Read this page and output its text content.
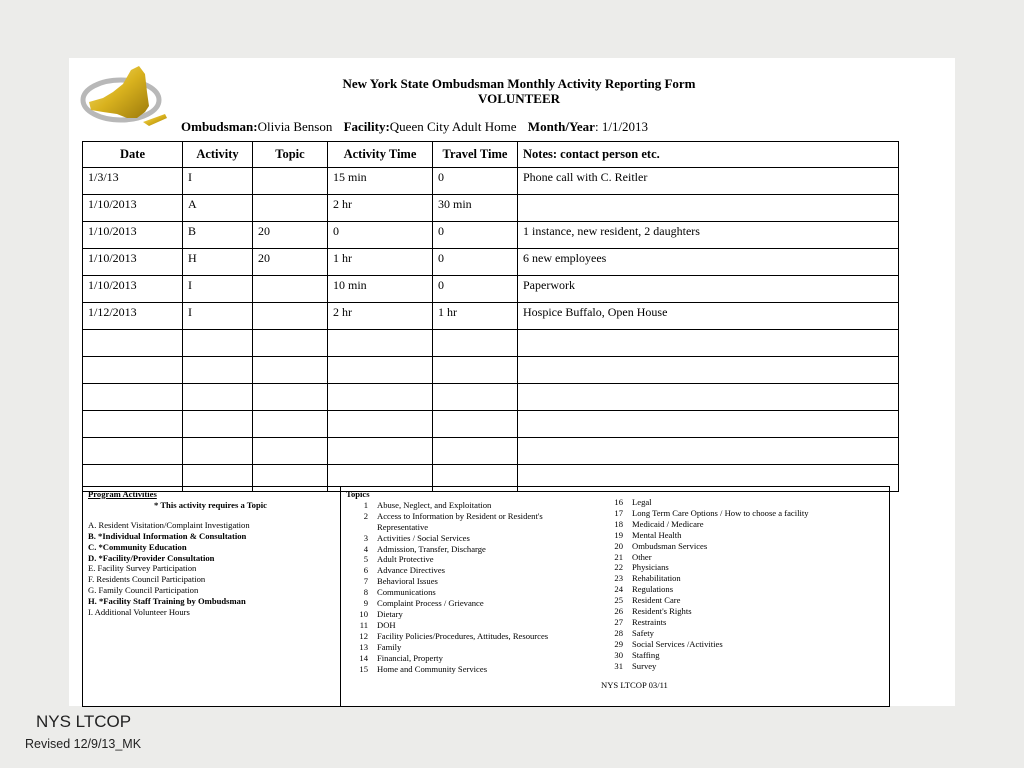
New York State Ombudsman Monthly Activity Reporting Form
VOLUNTEER
Ombudsman:Olivia Benson Facility:Queen City Adult Home Month/Year: 1/1/2013
Date	Activity	Topic	Activity Time	Travel Time	Notes: contact person etc.
1/3/13	I		15 min	0	Phone call with C. Reitler
1/10/2013	A		2 hr	30 min	
1/10/2013	B	20	0	0	1 instance, new resident, 2 daughters
1/10/2013	H	20	1 hr	0	6 new employees
1/10/2013	I		10 min	0	Paperwork
1/12/2013	I		2 hr	1 hr	Hospice Buffalo, Open House

Program Activities
* This activity requires a Topic
A. Resident Visitation/Complaint Investigation
B. *Individual Information & Consultation
C. *Community Education
D. *Facility/Provider Consultation
E. Facility Survey Participation
F. Residents Council Participation
G. Family Council Participation
H. *Facility Staff Training by Ombudsman
I. Additional Volunteer Hours
Topics
1	Abuse, Neglect, and Exploitation
2	Access to Information by Resident or Resident's Representative
3	Activities / Social Services
4	Admission, Transfer, Discharge
5	Adult Protective
6	Advance Directives
7	Behavioral Issues
8	Communications
9	Complaint Process / Grievance
10	Dietary
11	DOH
12	Facility Policies/Procedures, Attitudes, Resources
13	Family
14	Financial, Property
15	Home and Community Services
16	Legal
17	Long Term Care Options / How to choose a facility
18	Medicaid / Medicare
19	Mental Health
20	Ombudsman Services
21	Other
22	Physicians
23	Rehabilitation
24	Regulations
25	Resident Care
26	Resident's Rights
27	Restraints
28	Safety
29	Social Services /Activities
30	Staffing
31	Survey
NYS LTCOP 03/11
NYS LTCOP
Revised 12/9/13_MK
